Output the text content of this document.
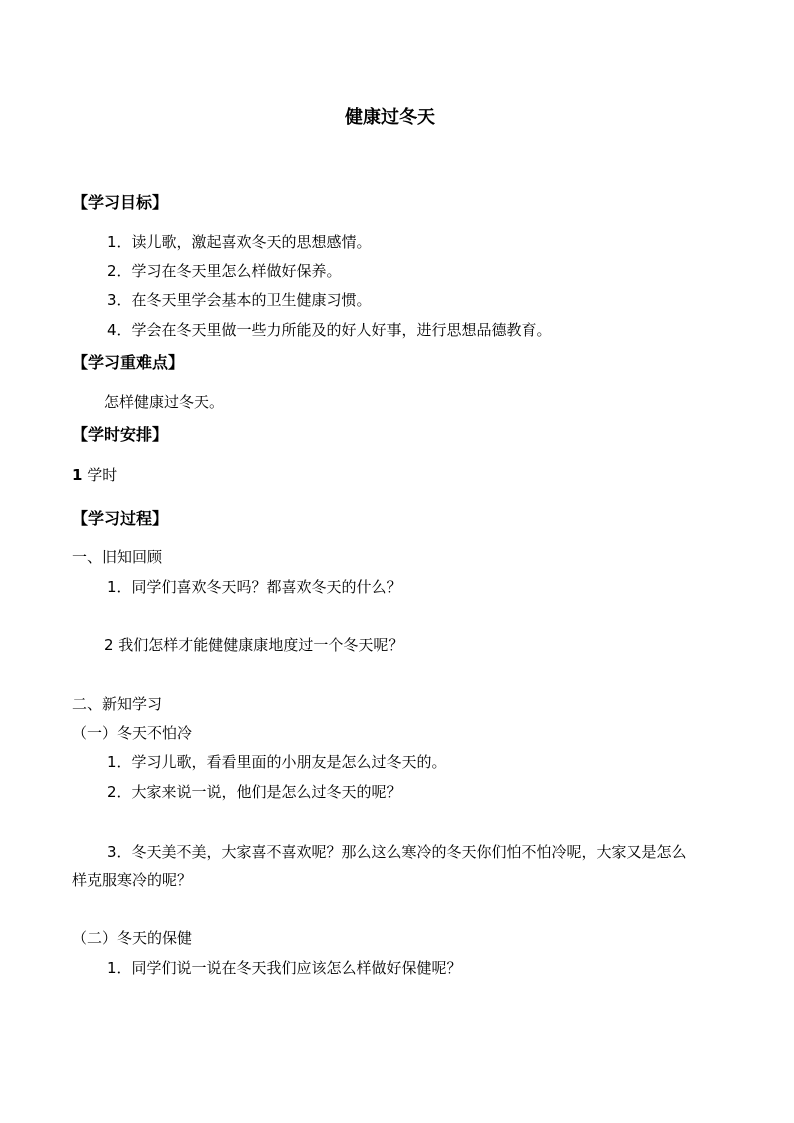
健康过冬天
【学习目标】
1．读儿歌，激起喜欢冬天的思想感情。
2．学习在冬天里怎么样做好保养。
3．在冬天里学会基本的卫生健康习惯。
4．学会在冬天里做一些力所能及的好人好事，进行思想品德教育。
【学习重难点】
怎样健康过冬天。
【学时安排】
1 学时
【学习过程】
一、旧知回顾
1．同学们喜欢冬天吗？都喜欢冬天的什么？
2 我们怎样才能健健康康地度过一个冬天呢？
二、新知学习
（一）冬天不怕冷
1．学习儿歌，看看里面的小朋友是怎么过冬天的。
2．大家来说一说，他们是怎么过冬天的呢？
3．冬天美不美，大家喜不喜欢呢？那么这么寒冷的冬天你们怕不怕冷呢，大家又是怎么
样克服寒冷的呢？
（二）冬天的保健
1．同学们说一说在冬天我们应该怎么样做好保健呢？
